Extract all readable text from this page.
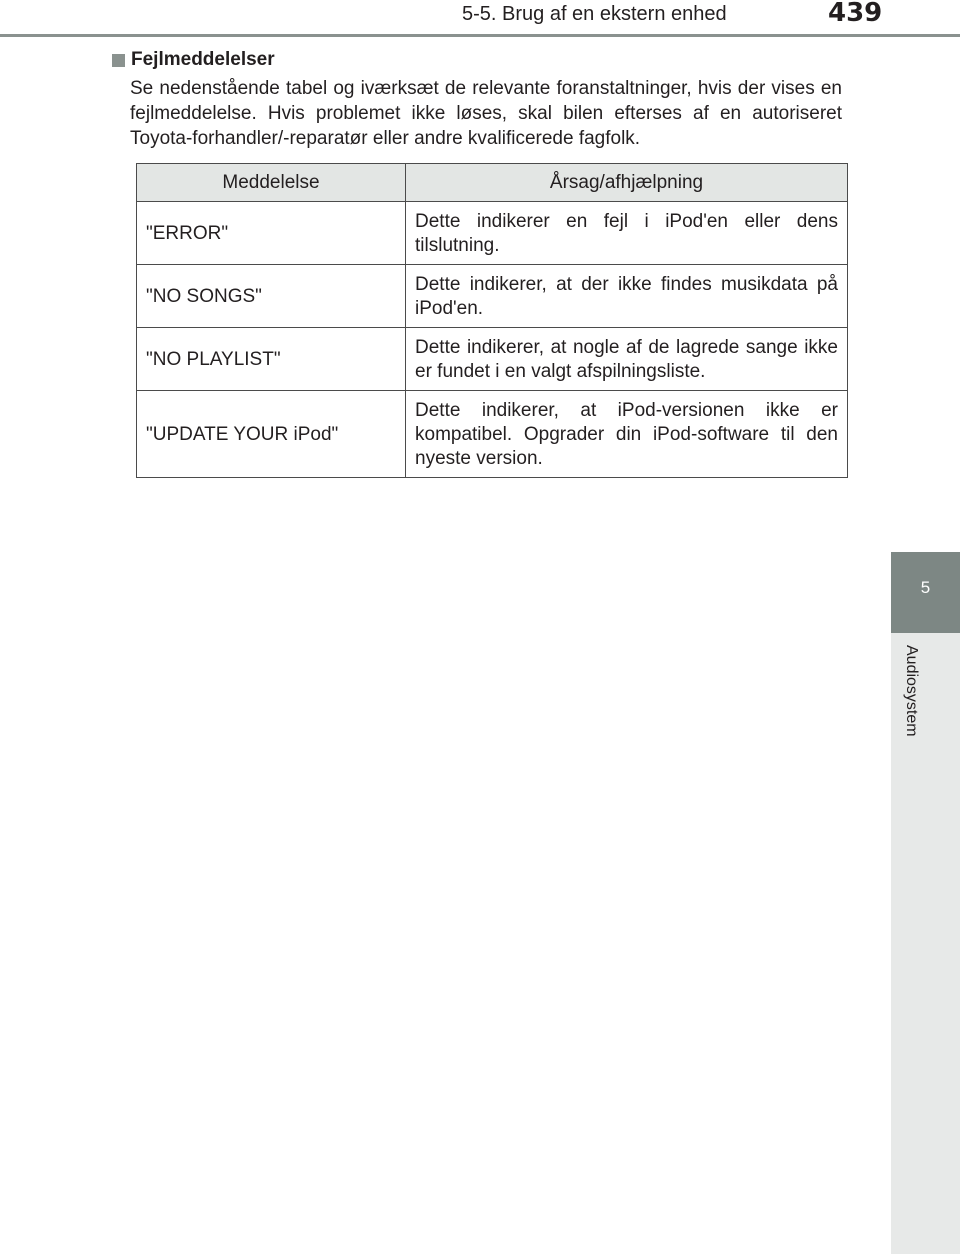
5-5. Brug af en ekstern enhed	439
5
Audiosystem
Fejlmeddelelser

Se nedenstående tabel og iværksæt de relevante foranstaltninger, hvis der vises en fejlmeddelelse. Hvis problemet ikke løses, skal bilen efterses af en autoriseret Toyota-forhandler/-reparatør eller andre kvalificerede fagfolk.

Meddelelse	Årsag/afhjælpning
"ERROR"	Dette indikerer en fejl i iPod'en eller dens tilslutning.
"NO SONGS"	Dette indikerer, at der ikke findes musikdata på iPod'en.
"NO PLAYLIST"	Dette indikerer, at nogle af de lagrede sange ikke er fundet i en valgt afspilningsliste.
"UPDATE YOUR iPod"	Dette indikerer, at iPod-versionen ikke er kompatibel. Opgrader din iPod-software til den nyeste version.
